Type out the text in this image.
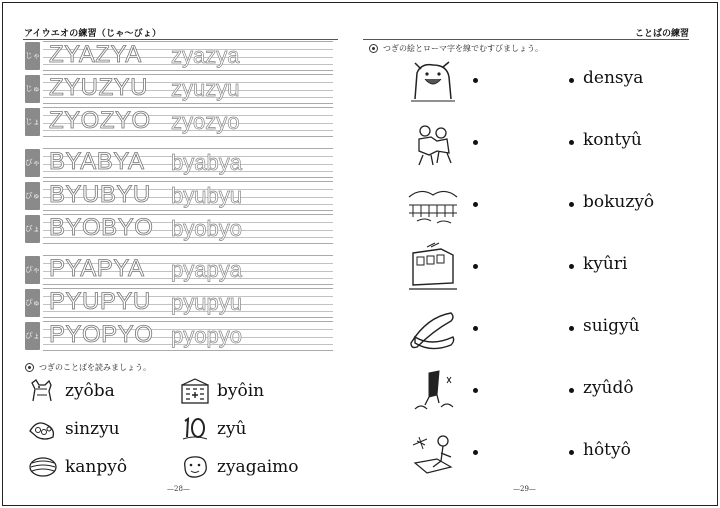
アイウエオの練習（じゃ〜びょ）
じゃ ZYAZYA zyazya
じゅ ZYUZYU zyuzyu
じょ ZYOZYO zyozyo
びゃ BYABYA byabya
びゅ BYUBYU byubyu
びょ BYOBYO byobyo
ぴゃ PYAPYA pyapya
ぴゅ PYUPYU pyupyu
ぴょ PYOPYO pyopyo
つぎのことばを読みましょう。
zyôba	byôin
sinzyu	zyû
kanpyô	zyagaimo
—28—
ことばの練習
つぎの絵とローマ字を線でむすびましょう。
densya
kontyû
bokuzyô
kyûri
suigyû
zyûdô
hôtyô
—29—
